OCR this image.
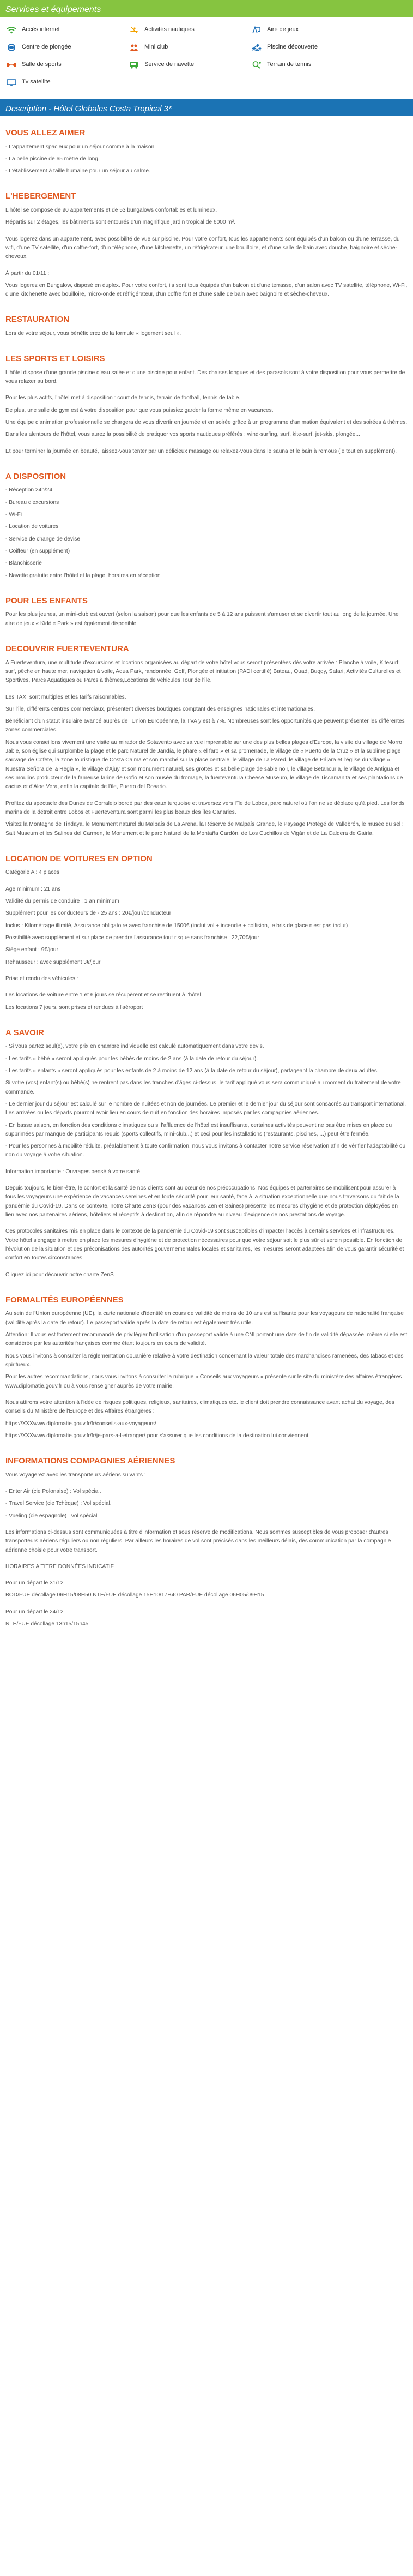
Services et équipements
Accès internet	Activités nautiques	Aire de jeux
Centre de plongée	Mini club	Piscine découverte
Salle de sports	Service de navette	Terrain de tennis
Tv satellite
Description - Hôtel Globales Costa Tropical 3*
VOUS ALLEZ AIMER

- L'appartement spacieux pour un séjour comme à la maison.

- La belle piscine de 65 mètre de long.

- L'établissement à taille humaine pour un séjour au calme.

L'HEBERGEMENT

L'hôtel se compose de 90 appartements et de 53 bungalows confortables et lumineux.

Répartis sur 2 étages, les bâtiments sont entourés d'un magnifique jardin tropical de 6000 m².

Vous logerez dans un appartement, avec possibilité de vue sur piscine. Pour votre confort, tous les appartements sont équipés d'un balcon ou d'une terrasse, du wifi, d'une TV satellite, d'un coffre-fort, d'un téléphone, d'une kitchenette, un réfrigérateur, une bouilloire, et d'une salle de bain avec douche, baignoire et sèche-cheveux.

À partir du 01/11 :

Vous logerez en Bungalow, disposé en duplex. Pour votre confort, ils sont tous équipés d'un balcon et d'une terrasse, d'un salon avec TV satellite, téléphone, Wi-Fi, d'une kitchenette avec bouilloire, micro-onde et réfrigérateur, d'un coffre fort et d'une salle de bain avec baignoire et sèche-cheveux.

RESTAURATION

Lors de votre séjour, vous bénéficierez de la formule « logement seul ».

LES SPORTS ET LOISIRS

L'hôtel dispose d'une grande piscine d'eau salée et d'une piscine pour enfant. Des chaises longues et des parasols sont à votre disposition pour vous permettre de vous relaxer au bord.

Pour les plus actifs, l'hôtel met à disposition : court de tennis, terrain de football, tennis de table.

De plus, une salle de gym est à votre disposition pour que vous puissiez garder la forme même en vacances.

Une équipe d'animation professionnelle se chargera de vous divertir en journée et en soirée grâce à un programme d'animation équivalent et des soirées à thèmes.

Dans les alentours de l'hôtel, vous aurez la possibilité de pratiquer vos sports nautiques préférés : wind-surfing, surf, kite-surf, jet-skis, plongée...

Et pour terminer la journée en beauté, laissez-vous tenter par un délicieux massage ou relaxez-vous dans le sauna et le bain à remous (le tout en supplément).

A DISPOSITION

- Réception 24h/24

- Bureau d'excursions

- Wi-Fi

- Location de voitures

- Service de change de devise

- Coiffeur (en supplément)

- Blanchisserie

- Navette gratuite entre l'hôtel et la plage, horaires en réception

POUR LES ENFANTS

Pour les plus jeunes, un mini-club est ouvert (selon la saison) pour que les enfants de 5 à 12 ans puissent s'amuser et se divertir tout au long de la journée. Une aire de jeux « Kiddie Park » est également disponible.

DECOUVRIR FUERTEVENTURA

A Fuerteventura, une multitude d'excursions et locations organisées au départ de votre hôtel vous seront présentées dès votre arrivée : Planche à voile, Kitesurf, surf, pêche en haute mer, navigation à voile, Aqua Park, randonnée, Golf, Plongée et initiation (PADI certifié) Bateau, Quad, Buggy, Safari, Activités Culturelles et Sportives, Parcs Aquatiques ou Parcs à thèmes,Locations de véhicules,Tour de l'île.

Les TAXI sont multiples et les tarifs raisonnables.

Sur l'île, différents centres commerciaux, présentent diverses boutiques comptant des enseignes nationales et internationales.

Bénéficiant d'un statut insulaire avancé auprès de l'Union Européenne, la TVA y est à 7%. Nombreuses sont les opportunités que peuvent présenter les différentes zones commerciales.

Nous vous conseillons vivement une visite au mirador de Sotavento avec sa vue imprenable sur une des plus belles plages d'Europe, la visite du village de Morro Jable, son église qui surplombe la plage et le parc Naturel de Jandía, le phare « el faro » et sa promenade, le village de « Puerto de la Cruz » et la sublime plage sauvage de Cofete, la zone touristique de Costa Calma et son marché sur la place centrale, le village de La Pared, le village de Pájara et l'église du village « Nuestra Señora de la Regla », le village d'Ajuy et son monument naturel, ses grottes et sa belle plage de sable noir, le village Betancuria, le village de Antigua et ses moulins producteur de la fameuse farine de Gofio et son musée du fromage, la fuerteventura Cheese Museum, le village de Tiscamanita et ses plantations de cactus et d'Aloe Vera, enfin la capitale de l'île, Puerto del Rosario.

Profitez du spectacle des Dunes de Corralejo bordé par des eaux turquoise et traversez vers l'île de Lobos, parc naturel où l'on ne se déplace qu'à pied. Les fonds marins de la détroit entre Lobos et Fuerteventura sont parmi les plus beaux des îles Canaries.

Visitez la Montagne de Tindaya, le Monument naturel du Malpaís de La Arena, la Réserve de Malpaís Grande, le Paysage Protégé de Vallebrón, le musée du sel : Salt Museum et les Salines del Carmen, le Monument et le parc Naturel de la Montaña Cardón, de Los Cuchillos de Vigán et de La Caldera de Gairía.

LOCATION DE VOITURES EN OPTION

Catégorie A : 4 places

Age minimum : 21 ans

Validité du permis de conduire : 1 an minimum

Supplément pour les conducteurs de - 25 ans : 20€/jour/conducteur

Inclus : Kilométrage illimité, Assurance obligatoire avec franchise de 1500€ (inclut vol + incendie + collision, le bris de glace n'est pas inclut)

Possibilité avec supplément et sur place de prendre l'assurance tout risque sans franchise : 22,70€/jour

Siège enfant : 9€/jour

Rehausseur : avec supplément 3€/jour

Prise et rendu des véhicules :

Les locations de voiture entre 1 et 6 jours se récupèrent et se restituent à l'hôtel

Les locations 7 jours, sont prises et rendues à l'aéroport

A SAVOIR

- Si vous partez seul(e), votre prix en chambre individuelle est calculé automatiquement dans votre devis.

- Les tarifs « bébé » seront appliqués pour les bébés de moins de 2 ans (à la date de retour du séjour).

- Les tarifs « enfants » seront appliqués pour les enfants de 2 à moins de 12 ans (à la date de retour du séjour), partageant la chambre de deux adultes.

Si votre (vos) enfant(s) ou bébé(s) ne rentrent pas dans les tranches d'âges ci-dessus, le tarif appliqué vous sera communiqué au moment du traitement de votre commande.

- Le dernier jour du séjour est calculé sur le nombre de nuitées et non de journées. Le premier et le dernier jour du séjour sont consacrés au transport international. Les arrivées ou les départs pourront avoir lieu en cours de nuit en fonction des horaires imposés par les compagnies aériennes.

- En basse saison, en fonction des conditions climatiques ou si l'affluence de l'hôtel est insuffisante, certaines activités peuvent ne pas être mises en place ou supprimées par manque de participants requis (sports collectifs, mini-club...) et ceci pour les installations (restaurants, piscines, ...) peut être fermée.

- Pour les personnes à mobilité réduite, préalablement à toute confirmation, nous vous invitons à contacter notre service réservation afin de vérifier l'adaptabilité ou non du voyage à votre situation.

Information importante : Ouvrages pensé à votre santé

Depuis toujours, le bien-être, le confort et la santé de nos clients sont au cœur de nos préoccupations. Nos équipes et partenaires se mobilisent pour assurer à tous les voyageurs une expérience de vacances sereines et en toute sécurité pour leur santé, face à la situation exceptionnelle que nous traversons du fait de la pandémie du Covid-19. Dans ce contexte, notre Charte ZenS (pour des vacances Zen et Saines) présente les mesures d'hygiène et de protection déployées en lien avec nos partenaires aériens, hôteliers et réceptifs à destination, afin de répondre au niveau d'exigence de nos prestations de voyage.

Ces protocoles sanitaires mis en place dans le contexte de la pandémie du Covid-19 sont susceptibles d'impacter l'accès à certains services et infrastructures. Votre hôtel s'engage à mettre en place les mesures d'hygiène et de protection nécessaires pour que votre séjour soit le plus sûr et serein possible. En fonction de l'évolution de la situation et des préconisations des autorités gouvernementales locales et sanitaires, les mesures seront adaptées afin de vous garantir sécurité et confort en toutes circonstances.

Cliquez ici pour découvrir notre charte ZenS

FORMALITÉS EUROPÉENNES

Au sein de l'Union européenne (UE), la carte nationale d'identité en cours de validité de moins de 10 ans est suffisante pour les voyageurs de nationalité française (validité après la date de retour). Le passeport valide après la date de retour est également très utile.

Attention: Il vous est fortement recommandé de privilégier l'utilisation d'un passeport valide à une CNI portant une date de fin de validité dépassée, même si elle est considérée par les autorités françaises comme étant toujours en cours de validité.

Nous vous invitons à consulter la réglementation douanière relative à votre destination concernant la valeur totale des marchandises ramenées, des tabacs et des spiritueux.

Pour les autres recommandations, nous vous invitons à consulter la rubrique « Conseils aux voyageurs » présente sur le site du ministère des affaires étrangères www.diplomatie.gouv.fr ou à vous renseigner auprès de votre mairie.

Nous attirons votre attention à l'idée de risques politiques, religieux, sanitaires, climatiques etc. le client doit prendre connaissance avant achat du voyage, des conseils du Ministère de l'Europe et des Affaires étrangères :

https://XXXwww.diplomatie.gouv.fr/fr/conseils-aux-voyageurs/

https://XXXwww.diplomatie.gouv.fr/fr/je-pars-a-l-etranger/ pour s'assurer que les conditions de la destination lui conviennent.

INFORMATIONS COMPAGNIES AÉRIENNES

Vous voyagerez avec les transporteurs aériens suivants :

- Enter Air (cie Polonaise) : Vol spécial.

- Travel Service (cie Tchèque) : Vol spécial.

- Vueling (cie espagnole) : vol spécial

Les informations ci-dessus sont communiquées à titre d'information et sous réserve de modifications. Nous sommes susceptibles de vous proposer d'autres transporteurs aériens réguliers ou non réguliers. Par ailleurs les horaires de vol sont précisés dans les meilleurs délais, dès communication par la compagnie aérienne choisie pour votre transport.

HORAIRES A TITRE DONNÉES INDICATIF

Pour un départ le 31/12

BOD/FUE décollage 06H15/08H50 NTE/FUE décollage 15H10/17H40 PAR/FUE décollage 06H05/09H15

Pour un départ le 24/12

NTE/FUE décollage 13h15/15h45
